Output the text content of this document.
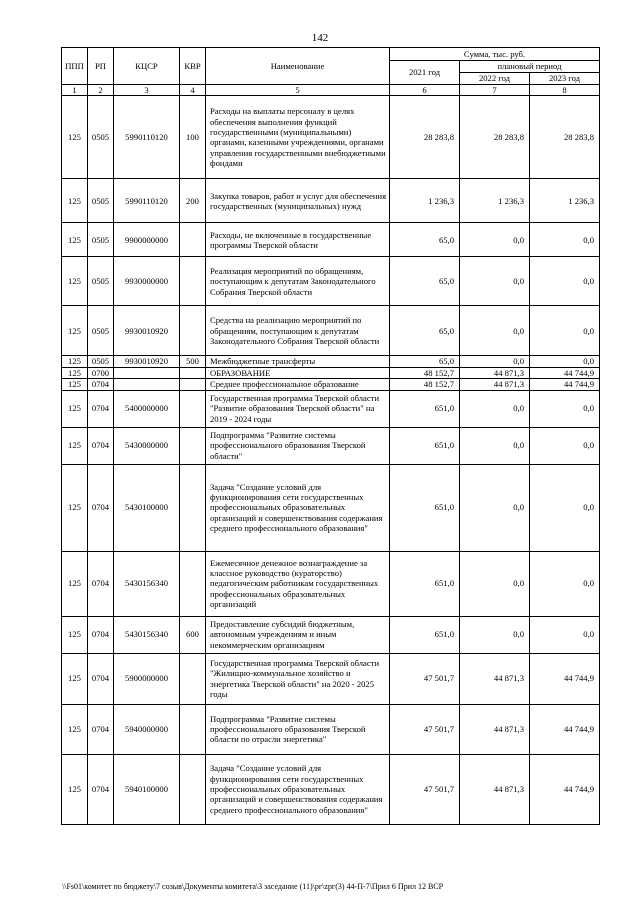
142
ППП	РП	КЦСР	КВР	Наименование	Сумма, тыс. руб.		
					2021 год	плановый период	
						2022 год	2023 год
1	2	3	4	5	6	7	8
125	0505	5990110120	100	Расходы на выплаты персоналу в целях обеспечения выполнения функций государственными (муниципальными) органами, казенными учреждениями, органами управления государственными внебюджетными фондами	28 283,8	28 283,8	28 283,8
125	0505	5990110120	200	Закупка товаров, работ и услуг для обеспечения государственных (муниципальных) нужд	1 236,3	1 236,3	1 236,3
125	0505	9900000000		Расходы, не включенные в государственные программы Тверской области	65,0	0,0	0,0
125	0505	9930000000		Реализация мероприятий по обращениям, поступающим к депутатам Законодательного Собрания Тверской области	65,0	0,0	0,0
125	0505	9930010920		Средства на реализацию мероприятий по обращениям, поступающим к депутатам Законодательного Собрания Тверской области	65,0	0,0	0,0
125	0505	9930010920	500	Межбюджетные трансферты	65,0	0,0	0,0
125	0700			ОБРАЗОВАНИЕ	48 152,7	44 871,3	44 744,9
125	0704			Среднее профессиональное образование	48 152,7	44 871,3	44 744,9
125	0704	5400000000		Государственная программа Тверской области "Развитие образования Тверской области" на 2019 - 2024 годы	651,0	0,0	0,0
125	0704	5430000000		Подпрограмма "Развитие системы профессионального образования Тверской области"	651,0	0,0	0,0
125	0704	5430100000		Задача "Создание условий для функционирования сети государственных профессиональных образовательных организаций и совершенствования содержания среднего профессионального образования"	651,0	0,0	0,0
125	0704	5430156340		Ежемесячное денежное вознаграждение за классное руководство (кураторство) педагогическим работникам государственных профессиональных образовательных организаций	651,0	0,0	0,0
125	0704	5430156340	600	Предоставление субсидий бюджетным, автономным учреждениям и иным некоммерческим организациям	651,0	0,0	0,0
125	0704	5900000000		Государственная программа Тверской области "Жилищно-коммунальное хозяйство и энергетика Тверской области" на 2020 - 2025 годы	47 501,7	44 871,3	44 744,9
125	0704	5940000000		Подпрограмма "Развитие системы профессионального образования Тверской области по отрасли энергетика"	47 501,7	44 871,3	44 744,9
125	0704	5940100000		Задача "Создание условий для функционирования сети государственных профессиональных образовательных организаций и совершенствования содержания среднего профессионального образования"	47 501,7	44 871,3	44 744,9
\\Fs01\комитет по бюджету\7 созыв\Документы комитета\3 заседание (11)\рг\zрг(3) 44-П-7\Прил 6 Прил 12 ВСР
